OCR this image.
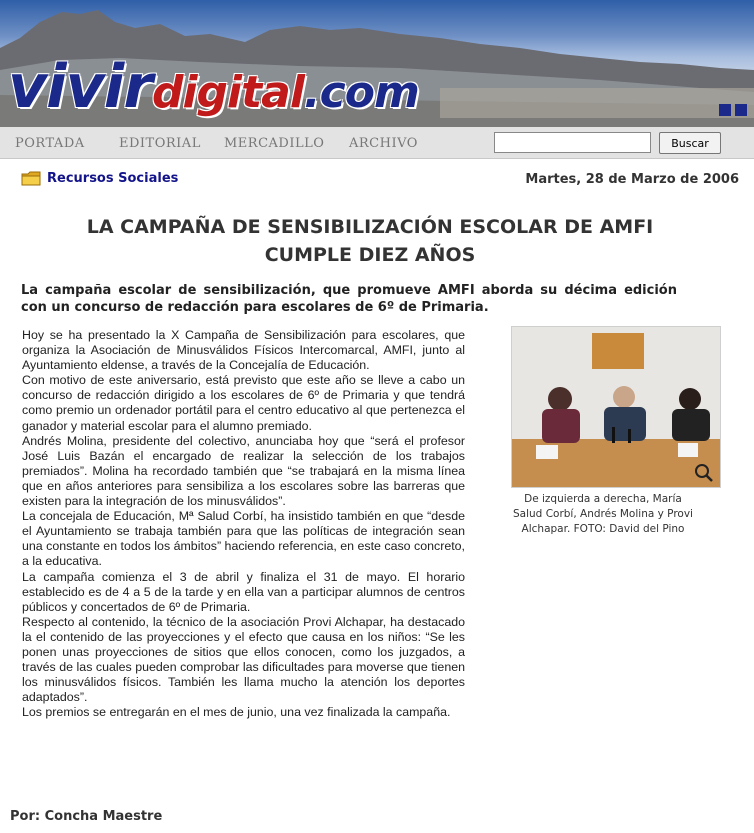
vivirdigital.com
PORTADA	EDITORIAL MERCADILLO ARCHIVO	Buscar
Recursos Sociales	Martes, 28 de Marzo de 2006
LA CAMPAÑA DE SENSIBILIZACIÓN ESCOLAR DE AMFI
CUMPLE DIEZ AÑOS
La campaña escolar de sensibilización, que promueve AMFI aborda su décima edición con un concurso de redacción para escolares de 6º de Primaria.

Hoy se ha presentado la X Campaña de Sensibilización para escolares, que organiza la Asociación de Minusválidos Físicos Intercomarcal, AMFI, junto al Ayuntamiento eldense, a través de la Concejalía de Educación.

Con motivo de este aniversario, está previsto que este año se lleve a cabo un concurso de redacción dirigido a los escolares de 6º de Primaria y que tendrá como premio un ordenador portátil para el centro educativo al que pertenezca el ganador y material escolar para el alumno premiado.

Andrés Molina, presidente del colectivo, anunciaba hoy que “será el profesor José Luis Bazán el encargado de realizar la selección de los trabajos premiados”. Molina ha recordado también que “se trabajará en la misma línea que en años anteriores para sensibiliza a los escolares sobre las barreras que existen para la integración de los minusválidos”.

La concejala de Educación, Mª Salud Corbí, ha insistido también en que “desde el Ayuntamiento se trabaja también para que las políticas de integración sean una constante en todos los ámbitos” haciendo referencia, en este caso concreto, a la educativa.

La campaña comienza el 3 de abril y finaliza el 31 de mayo. El horario establecido es de 4 a 5 de la tarde y en ella van a participar alumnos de centros públicos y concertados de 6º de Primaria.

Respecto al contenido, la técnico de la asociación Provi Alchapar, ha destacado la el contenido de las proyecciones y el efecto que causa en los niños: “Se les ponen unas proyecciones de sitios que ellos conocen, como los juzgados, a través de las cuales pueden comprobar las dificultades para moverse que tienen los minusválidos físicos. También les llama mucho la atención los deportes adaptados”.

Los premios se entregarán en el mes de junio, una vez finalizada la campaña.

De izquierda a derecha, María Salud Corbí, Andrés Molina y Provi Alchapar. FOTO: David del Pino
Por: Concha Maestre
